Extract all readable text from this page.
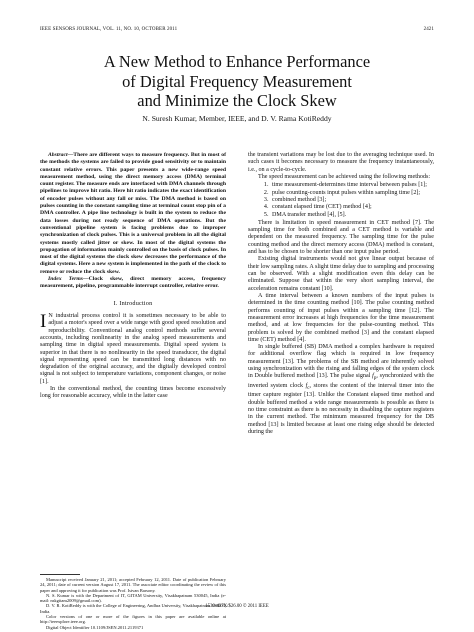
IEEE SENSORS JOURNAL, VOL. 11, NO. 10, OCTOBER 2011	2421
A New Method to Enhance Performance
of Digital Frequency Measurement
and Minimize the Clock Skew
N. Suresh Kumar, Member, IEEE, and D. V. Rama KotiReddy

Abstract—There are different ways to measure frequency. But in most of the methods the systems are failed to provide good sensitivity or to maintain constant relative errors. This paper presents a new wide-range speed measurement method, using the direct memory access (DMA) terminal count register. The measure ends are interfaced with DMA channels through pipelines to improve hit ratio. Here hit ratio indicates the exact identification of encoder pulses without any fall or miss. The DMA method is based on pulses counting in the constant sampling time at terminal count stop pin of a DMA controller. A pipe line technology is built in the system to reduce the data losses during not ready sequence of DMA operations. But the conventional pipeline system is facing problems due to improper synchronization of clock pulses. This is a universal problem in all the digital systems mostly called jitter or skew. In most of the digital systems the propagation of information mainly controlled on the basis of clock pulses. In most of the digital systems the clock skew decreases the performance of the digital systems. Here a new system is implemented in the path of the clock to remove or reduce the clock skew.

Index Terms—Clock skew, direct memory access, frequency measurement, pipeline, programmable interrupt controller, relative error.

I. Introduction

I N industrial process control it is sometimes necessary to be able to adjust a motor's speed over a wide range with good speed resolution and reproducibility. Conventional analog control methods suffer several accounts, including nonlinearity in the analog speed measurements and sampling time in digital speed measurements. Digital speed system is superior in that there is no nonlinearity in the speed transducer, the digital signal representing speed can be transmitted long distances with no degradation of the original accuracy, and the digitally developed control signal is not subject to temperature variations, component changes, or noise [1].

In the conventional method, the counting times become excessively long for reasonable accuracy, while in the latter case

Manuscript received January 21, 2011; accepted February 12, 2011. Date of publication February 24, 2011; date of current version August 17, 2011. The associate editor coordinating the review of this paper and approving it for publication was Prof. Istvan Barsony.

N. S. Kumar is with the Department of IT, GITAM University, Visakhapatnam 530045, India (e-mail: nskgitam2009@gmail.com).

D. V. R. KotiReddy is with the College of Engineering, Andhra University, Visakhapatnam 530003, India.

Color versions of one or more of the figures in this paper are available online at http://ieeexplore.ieee.org.

Digital Object Identifier 10.1109/JSEN.2011.2119371

the transient variations may be lost due to the averaging technique used. In such cases it becomes necessary to measure the frequency instantaneously, i.e., on a cycle-to-cycle.

The speed measurement can be achieved using the following methods:

1. time measurement-determines time interval between pulses [1];
2. pulse counting-counts input pulses within sampling time [2];
3. combined method [3];
4. constant elapsed time (CET) method [4];
5. DMA transfer method [4], [5].

There is limitation in speed measurement in CET method [7]. The sampling time for both combined and a CET method is variable and dependent on the measured frequency. The sampling time for the pulse counting method and the direct memory access (DMA) method is constant, and has to be chosen to be shorter than one input pulse period.

Existing digital instruments would not give linear output because of their low sampling rates. A slight time delay due to sampling and processing can be observed. With a slight modification even this delay can be eliminated. Suppose that within the very short sampling interval, the acceleration remains constant [10].

A time interval between a known numbers of the input pulses is determined in the time counting method [10]. The pulse counting method performs counting of input pulses within a sampling time [12]. The measurement error increases at high frequencies for the time measurement method, and at low frequencies for the pulse-counting method. This problem is solved by the combined method [3] and the constant elapsed time (CET) method [4].

In single buffered (SB) DMA method a complex hardware is required for additional overflow flag which is required in low frequency measurement [13]. The problems of the SB method are inherently solved using synchronization with the rising and falling edges of the system clock in Double buffered method [13]. The pulse signal $f_p$, synchronized with the inverted system clock $f_c$, stores the content of the interval timer into the timer capture register [13]. Unlike the Constant elapsed time method and double buffered method a wide range measurements is possible as there is no time constraint as there is no necessity in disabling the capture registers in the current method. The minimum measured frequency for the DB method [13] is limited because at least one rising edge should be detected during the

1530-437X/$26.00 © 2011 IEEE
